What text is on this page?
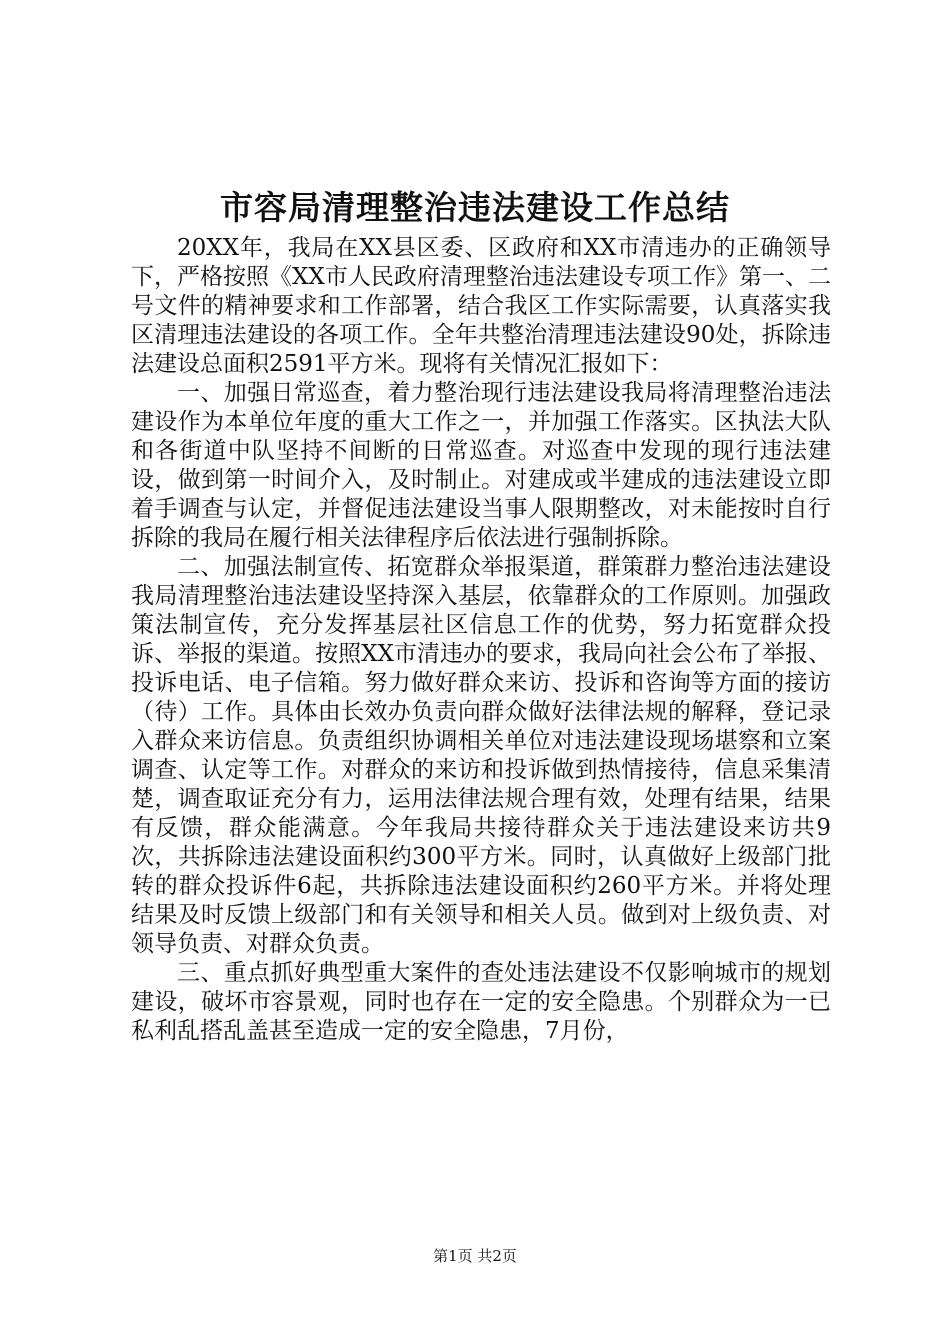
市容局清理整治违法建设工作总结

20XX年，我局在XX县区委、区政府和XX市清违办的正确领导下，严格按照《XX市人民政府清理整治违法建设专项工作》第一、二号文件的精神要求和工作部署，结合我区工作实际需要，认真落实我区清理违法建设的各项工作。全年共整治清理违法建设90处，拆除违法建设总面积2591平方米。现将有关情况汇报如下：

一、加强日常巡查，着力整治现行违法建设我局将清理整治违法建设作为本单位年度的重大工作之一，并加强工作落实。区执法大队和各街道中队坚持不间断的日常巡查。对巡查中发现的现行违法建设，做到第一时间介入，及时制止。对建成或半建成的违法建设立即着手调查与认定，并督促违法建设当事人限期整改，对未能按时自行拆除的我局在履行相关法律程序后依法进行强制拆除。

二、加强法制宣传、拓宽群众举报渠道，群策群力整治违法建设我局清理整治违法建设坚持深入基层，依靠群众的工作原则。加强政策法制宣传，充分发挥基层社区信息工作的优势，努力拓宽群众投诉、举报的渠道。按照XX市清违办的要求，我局向社会公布了举报、投诉电话、电子信箱。努力做好群众来访、投诉和咨询等方面的接访（待）工作。具体由长效办负责向群众做好法律法规的解释，登记录入群众来访信息。负责组织协调相关单位对违法建设现场堪察和立案调查、认定等工作。对群众的来访和投诉做到热情接待，信息采集清楚，调查取证充分有力，运用法律法规合理有效，处理有结果，结果有反馈，群众能满意。今年我局共接待群众关于违法建设来访共9次，共拆除违法建设面积约300平方米。同时，认真做好上级部门批转的群众投诉件6起，共拆除违法建设面积约260平方米。并将处理结果及时反馈上级部门和有关领导和相关人员。做到对上级负责、对领导负责、对群众负责。

三、重点抓好典型重大案件的查处违法建设不仅影响城市的规划建设，破坏市容景观，同时也存在一定的安全隐患。个别群众为一已私利乱搭乱盖甚至造成一定的安全隐患，7月份，

第1页 共2页
